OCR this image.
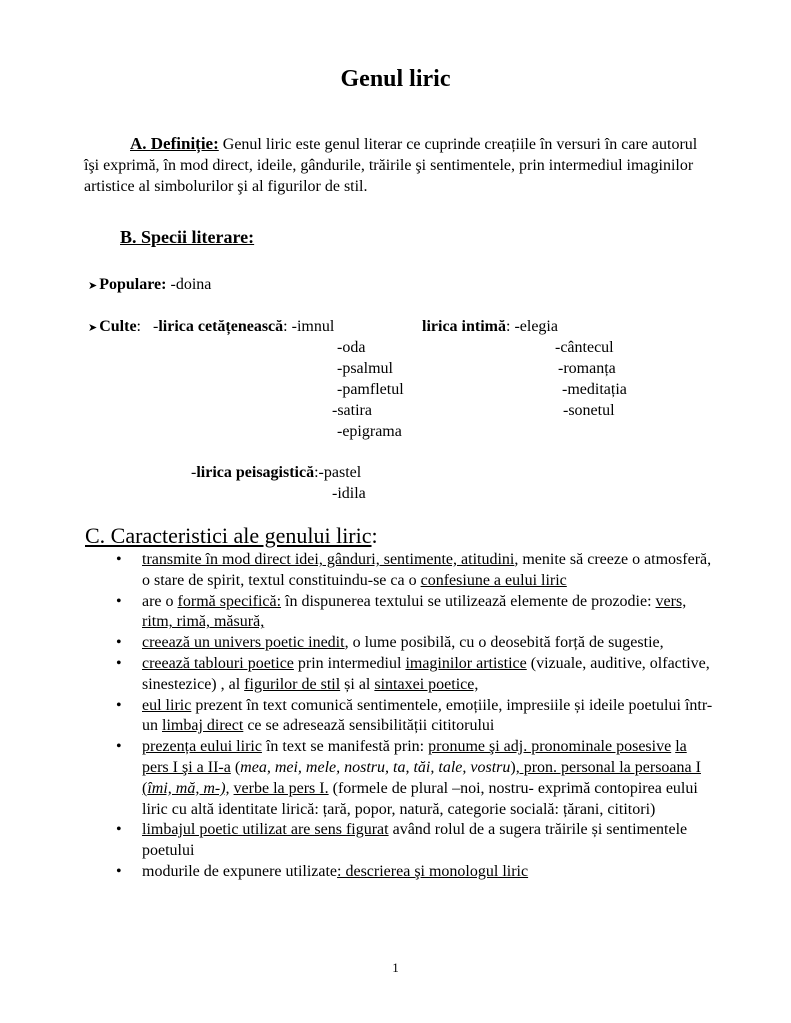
Genul liric
A. Definiție: Genul liric este genul literar ce cuprinde creațiile în versuri în care autorul îşi exprimă, în mod direct, ideile, gândurile, trăirile şi sentimentele, prin intermediul imaginilor artistice al simbolurilor şi al figurilor de stil.
B. Specii literare:
➤ Populare: -doina
➤ Culte:   -lirica cetățenească: -imnul
-oda
-psalmul
-pamfletul
-satira
-epigrama
lirica intimă: -elegia
-cântecul
-romanța
-meditația
-sonetul
-lirica peisagistică:-pastel
-idila
C. Caracteristici ale genului liric:
• transmite în mod direct idei, gânduri, sentimente, atitudini, menite să creeze o atmosferă, o stare de spirit, textul constituindu-se ca o confesiune a eului liric
• are o formă specifică: în dispunerea textului se utilizează elemente de prozodie: vers, ritm, rimă, măsură,
• creează un univers poetic inedit, o lume posibilă, cu o deosebită forță de sugestie,
• creează tablouri poetice prin intermediul imaginilor artistice (vizuale, auditive, olfactive, sinestezice) , al figurilor de stil și al sintaxei poetice,
• eul liric prezent în text comunică sentimentele, emoțiile, impresiile și ideile poetului într-un limbaj direct ce se adresează sensibilității cititorului
• prezența eului liric în text se manifestă prin: pronume şi adj. pronominale posesive la pers I şi a II-a (mea, mei, mele, nostru, ta, tăi, tale, vostru), pron. personal la persoana I (îmi, mă, m-), verbe la pers I. (formele de plural –noi, nostru- exprimă contopirea eului liric cu altă identitate lirică: țară, popor, natură, categorie socială: țărani, cititori)
• limbajul poetic utilizat are sens figurat având rolul de a sugera trăirile și sentimentele poetului
• modurile de expunere utilizate: descrierea şi monologul liric
1
